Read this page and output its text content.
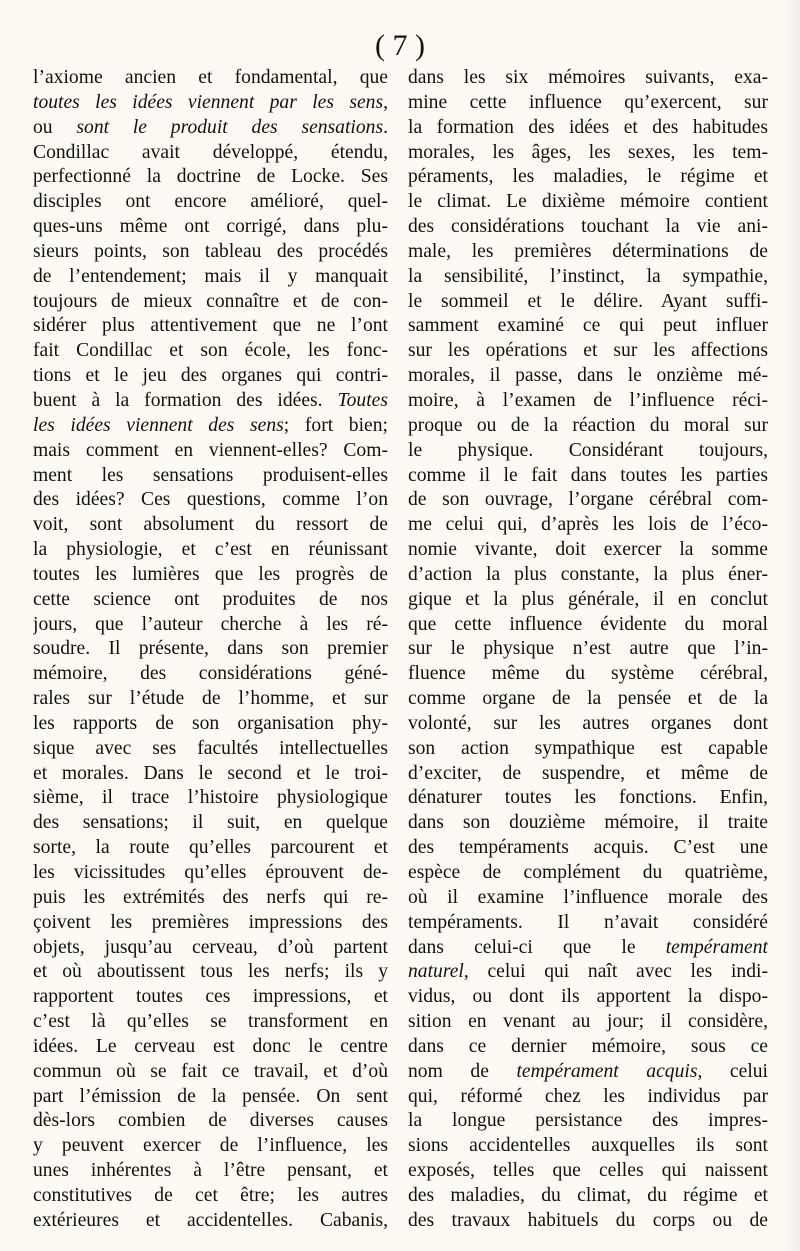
( 7 )
l’axiome ancien et fondamental, que
toutes les idées viennent par les sens,
ou sont le produit des sensations.
Condillac avait développé, étendu,
perfectionné la doctrine de Locke. Ses
disciples ont encore amélioré, quel-
ques-uns même ont corrigé, dans plu-
sieurs points, son tableau des procédés
de l’entendement; mais il y manquait
toujours de mieux connaître et de con-
sidérer plus attentivement que ne l’ont
fait Condillac et son école, les fonc-
tions et le jeu des organes qui contri-
buent à la formation des idées. Toutes
les idées viennent des sens; fort bien;
mais comment en viennent-elles? Com-
ment les sensations produisent-elles
des idées? Ces questions, comme l’on
voit, sont absolument du ressort de
la physiologie, et c’est en réunissant
toutes les lumières que les progrès de
cette science ont produites de nos
jours, que l’auteur cherche à les ré-
soudre. Il présente, dans son premier
mémoire, des considérations géné-
rales sur l’étude de l’homme, et sur
les rapports de son organisation phy-
sique avec ses facultés intellectuelles
et morales. Dans le second et le troi-
sième, il trace l’histoire physiologique
des sensations; il suit, en quelque
sorte, la route qu’elles parcourent et
les vicissitudes qu’elles éprouvent de-
puis les extrémités des nerfs qui re-
çoivent les premières impressions des
objets, jusqu’au cerveau, d’où partent
et où aboutissent tous les nerfs; ils y
rapportent toutes ces impressions, et
c’est là qu’elles se transforment en
idées. Le cerveau est donc le centre
commun où se fait ce travail, et d’où
part l’émission de la pensée. On sent
dès-lors combien de diverses causes
y peuvent exercer de l’influence, les
unes inhérentes à l’être pensant, et
constitutives de cet être; les autres
extérieures et accidentelles. Cabanis,
dans les six mémoires suivants, exa-
mine cette influence qu’exercent, sur
la formation des idées et des habitudes
morales, les âges, les sexes, les tem-
péraments, les maladies, le régime et
le climat. Le dixième mémoire contient
des considérations touchant la vie ani-
male, les premières déterminations de
la sensibilité, l’instinct, la sympathie,
le sommeil et le délire. Ayant suffi-
samment examiné ce qui peut influer
sur les opérations et sur les affections
morales, il passe, dans le onzième mé-
moire, à l’examen de l’influence réci-
proque ou de la réaction du moral sur
le physique. Considérant toujours,
comme il le fait dans toutes les parties
de son ouvrage, l’organe cérébral com-
me celui qui, d’après les lois de l’éco-
nomie vivante, doit exercer la somme
d’action la plus constante, la plus éner-
gique et la plus générale, il en conclut
que cette influence évidente du moral
sur le physique n’est autre que l’in-
fluence même du système cérébral,
comme organe de la pensée et de la
volonté, sur les autres organes dont
son action sympathique est capable
d’exciter, de suspendre, et même de
dénaturer toutes les fonctions. Enfin,
dans son douzième mémoire, il traite
des tempéraments acquis. C’est une
espèce de complément du quatrième,
où il examine l’influence morale des
tempéraments. Il n’avait considéré
dans celui-ci que le tempérament
naturel, celui qui naît avec les indi-
vidus, ou dont ils apportent la dispo-
sition en venant au jour; il considère,
dans ce dernier mémoire, sous ce
nom de tempérament acquis, celui
qui, réformé chez les individus par
la longue persistance des impres-
sions accidentelles auxquelles ils sont
exposés, telles que celles qui naissent
des maladies, du climat, du régime et
des travaux habituels du corps ou de
